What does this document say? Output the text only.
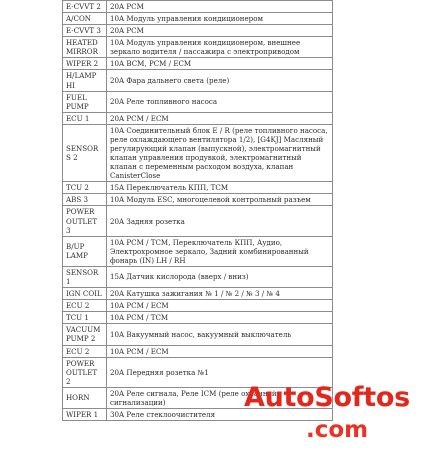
E-CVVT 2	20A PCM
A/CON	10A Модуль управления кондиционером
E-CVVT 3	20A PCM
HEATED MIRROR	10A Модуль управления кондиционером, внешнее зеркало водителя / пассажира с электроприводом
WIPER 2	10A BCM, PCM / ECM
H/LAMP HI	20A Фара дальнего света (реле)
FUEL PUMP	20A Реле топливного насоса
ECU 1	20A PCM / ECM
SENSORS 2	10A Соединительный блок E / R (реле топливного насоса, реле охлаждающего вентилятора 1/2), [G4KJ] Масляный регулирующий клапан (выпускной), электромагнитный клапан управления продувкой, электромагнитный клапан с переменным расходом воздуха, клапан CanisterClose
TCU 2	15A Переключатель КПП, TCM
ABS 3	10A Модуль ESC, многоцелевой контрольный разъем
POWER OUTLET 3	20A Задняя розетка
B/UP LAMP	10A PCM / TCM, Переключатель КПП, Аудио, Электрохромное зеркало, Задний комбинированный фонарь (IN) LH / RH
SENSOR 1	15A Датчик кислорода (вверх / вниз)
IGN COIL	20A Катушка зажигания № 1 / № 2 / № 3 / № 4
ECU 2	10A PCM / ECM
TCU 1	10A PCM / TCM
VACUUM PUMP 2	10A Вакуумный насос, вакуумный выключатель
ECU 2	10A PCM / ECM
POWER OUTLET 2	20A Передняя розетка №1
HORN	20A Реле сигнала, Реле ICM (реле охранной сигнализации)
WIPER 1	30A Реле стеклоочистителя
AutoSoftos
.com
